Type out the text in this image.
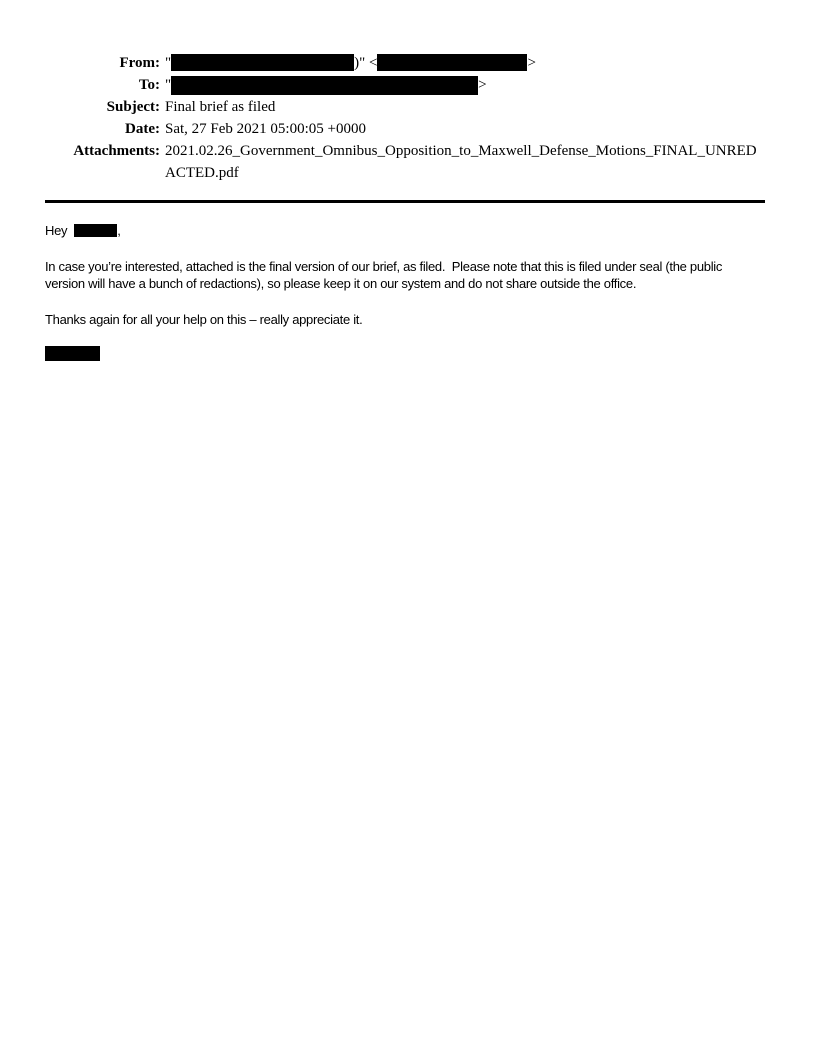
From: "	)" <	>
To: "	>
Subject: Final brief as filed
Date: Sat, 27 Feb 2021 05:00:05 +0000
Attachments: 2021.02.26_Government_Omnibus_Opposition_to_Maxwell_Defense_Motions_FINAL_UNREDACTED.pdf
Hey	,
In case you’re interested, attached is the final version of our brief, as filed.  Please note that this is filed under seal (the public version will have a bunch of redactions), so please keep it on our system and do not share outside the office.
Thanks again for all your help on this – really appreciate it.
